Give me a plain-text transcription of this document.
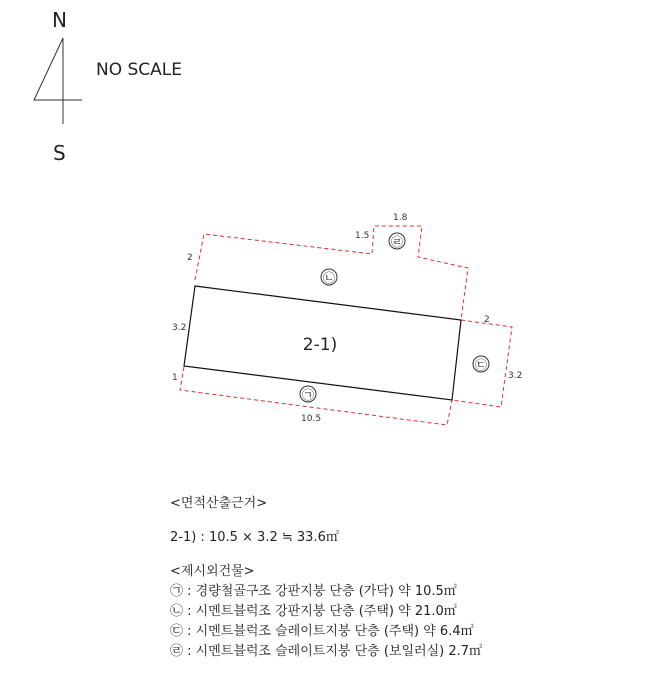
N
S
NO SCALE
㉡
㉢
㉠
㉣
2-1)
2
3.2
1
10.5
2
3.2
1.8
1.5
<면적산출근거>
2-1) : 10.5 × 3.2 ≒ 33.6㎡
<제시외건물>
㉠ : 경량철골구조 강판지붕 단층 (가닥) 약 10.5㎡
㉡ : 시멘트블럭조 강판지붕 단층 (주택) 약 21.0㎡
㉢ : 시멘트블럭조 슬레이트지붕 단층 (주택) 약 6.4㎡
㉣ : 시멘트블럭조 슬레이트지붕 단층 (보일러실) 2.7㎡
